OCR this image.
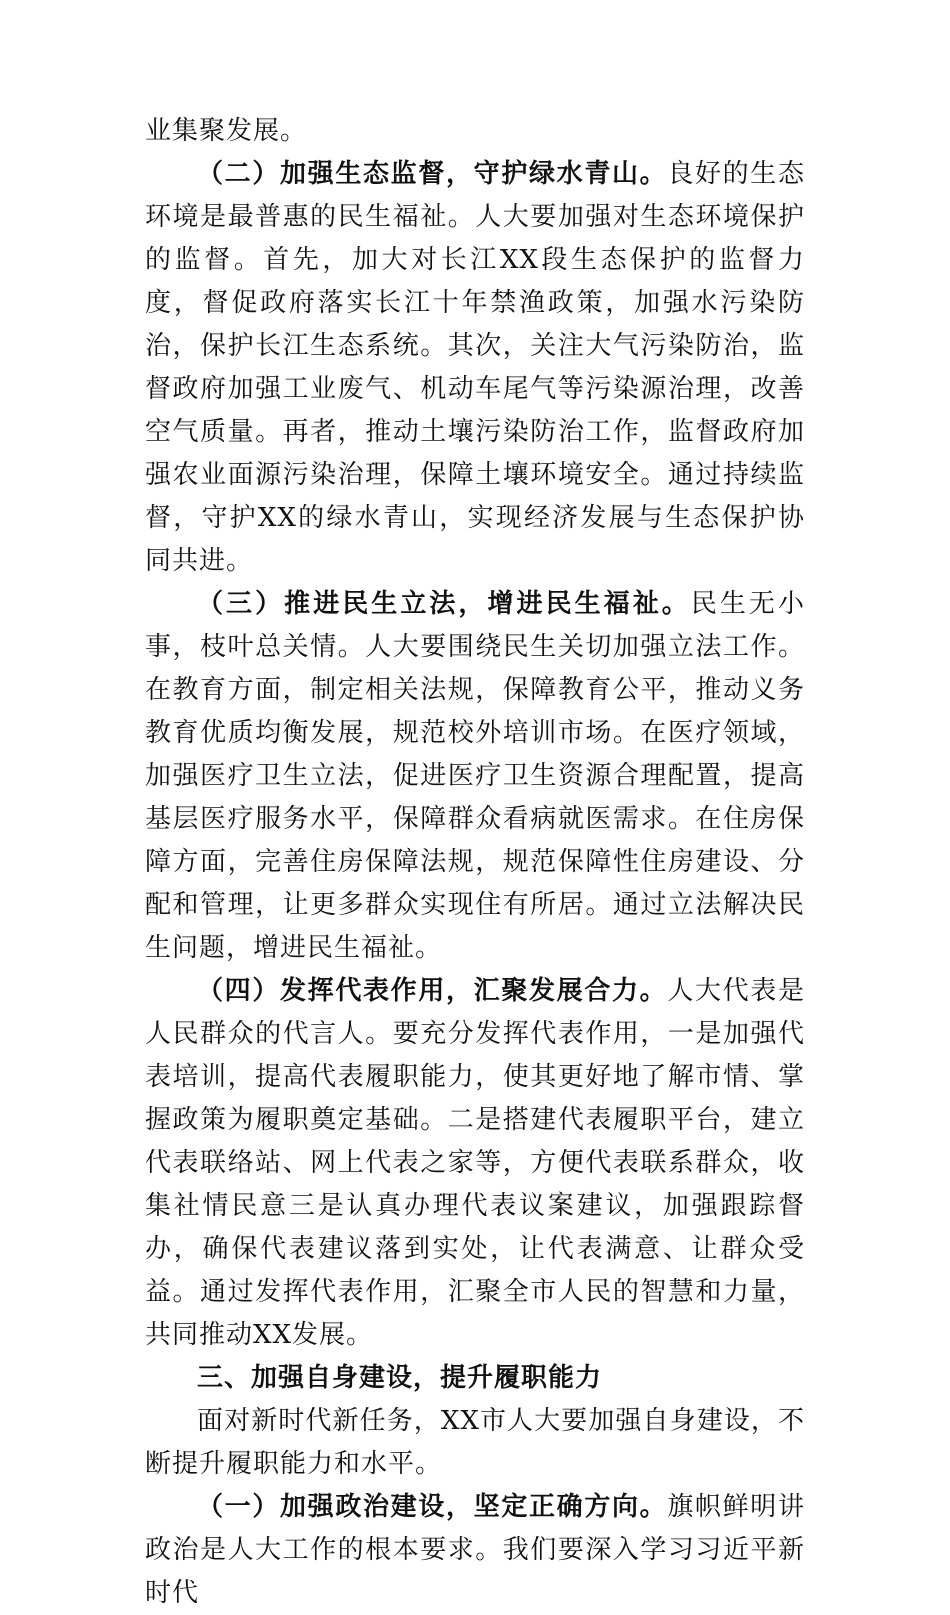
业集聚发展。

（二）加强生态监督，守护绿水青山。良好的生态环境是最普惠的民生福祉。人大要加强对生态环境保护的监督。首先，加大对长江XX段生态保护的监督力度，督促政府落实长江十年禁渔政策，加强水污染防治，保护长江生态系统。其次，关注大气污染防治，监督政府加强工业废气、机动车尾气等污染源治理，改善空气质量。再者，推动土壤污染防治工作，监督政府加强农业面源污染治理，保障土壤环境安全。通过持续监督，守护XX的绿水青山，实现经济发展与生态保护协同共进。

（三）推进民生立法，增进民生福祉。民生无小事，枝叶总关情。人大要围绕民生关切加强立法工作。在教育方面，制定相关法规，保障教育公平，推动义务教育优质均衡发展，规范校外培训市场。在医疗领域，加强医疗卫生立法，促进医疗卫生资源合理配置，提高基层医疗服务水平，保障群众看病就医需求。在住房保障方面，完善住房保障法规，规范保障性住房建设、分配和管理，让更多群众实现住有所居。通过立法解决民生问题，增进民生福祉。

（四）发挥代表作用，汇聚发展合力。人大代表是人民群众的代言人。要充分发挥代表作用，一是加强代表培训，提高代表履职能力，使其更好地了解市情、掌握政策为履职奠定基础。二是搭建代表履职平台，建立代表联络站、网上代表之家等，方便代表联系群众，收集社情民意三是认真办理代表议案建议，加强跟踪督办，确保代表建议落到实处，让代表满意、让群众受益。通过发挥代表作用，汇聚全市人民的智慧和力量，共同推动XX发展。

三、加强自身建设，提升履职能力

面对新时代新任务，XX市人大要加强自身建设，不断提升履职能力和水平。

（一）加强政治建设，坚定正确方向。旗帜鲜明讲政治是人大工作的根本要求。我们要深入学习习近平新时代
